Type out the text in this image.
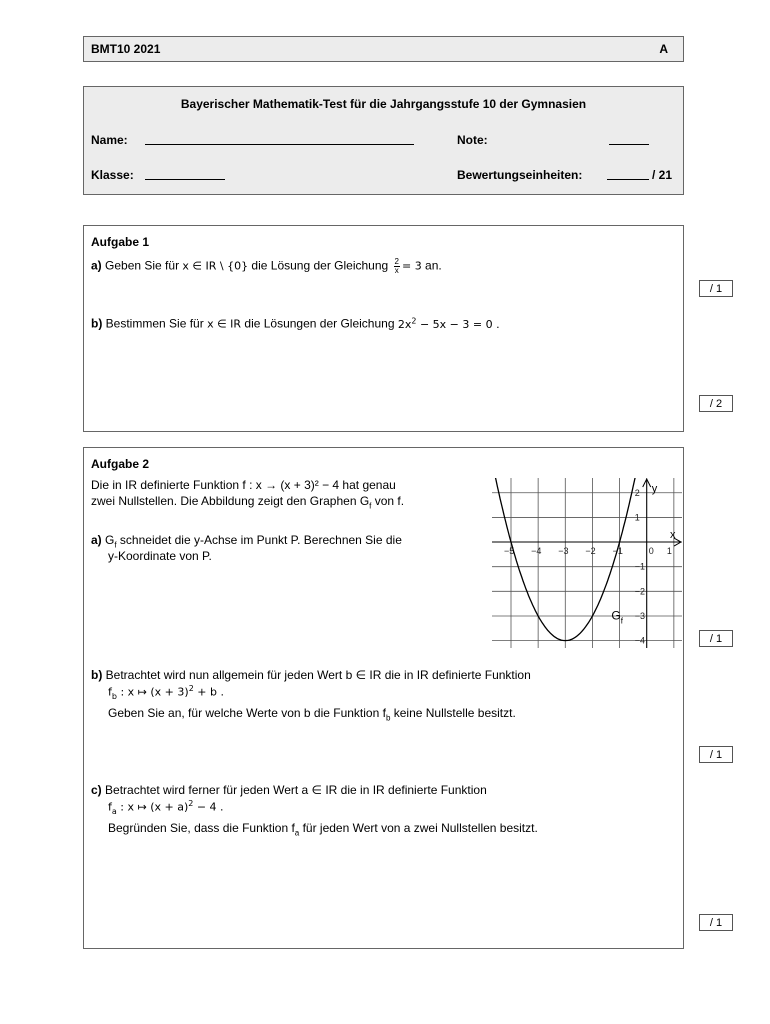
BMT10 2021	A
Bayerischer Mathematik-Test für die Jahrgangsstufe 10 der Gymnasien
Name:	Note:
Klasse:	Bewertungseinheiten:	/ 21
Aufgabe 1
a) Geben Sie für x ∈ IR \ {0} die Lösung der Gleichung $\frac{2}{x} = 3$ an.
b) Bestimmen Sie für x ∈ IR die Lösungen der Gleichung $2x^2 - 5x - 3 = 0$ .
/ 1
/ 2
Aufgabe 2
Die in IR definierte Funktion f : x → (x + 3)² − 4 hat genau
zwei Nullstellen. Die Abbildung zeigt den Graphen $G_f$ von f.
a) $G_f$ schneidet die y-Achse im Punkt P. Berechnen Sie die
y-Koordinate von P.	−5 −4 −3 −2 −1	0 1
2
1
−1
−2
−3
−4
x
y
$G_f$
b) Betrachtet wird nun allgemein für jeden Wert b ∈ IR die in IR definierte Funktion
$f_b$ : x ↦ $(x + 3)^2 + b$ .
Geben Sie an, für welche Werte von b die Funktion $f_b$ keine Nullstelle besitzt.
c) Betrachtet wird ferner für jeden Wert a ∈ IR die in IR definierte Funktion
$f_a$ : x ↦ $(x + a)^2 - 4$ .
Begründen Sie, dass die Funktion $f_a$ für jeden Wert von a zwei Nullstellen besitzt.
/ 1
/ 1
/ 1
